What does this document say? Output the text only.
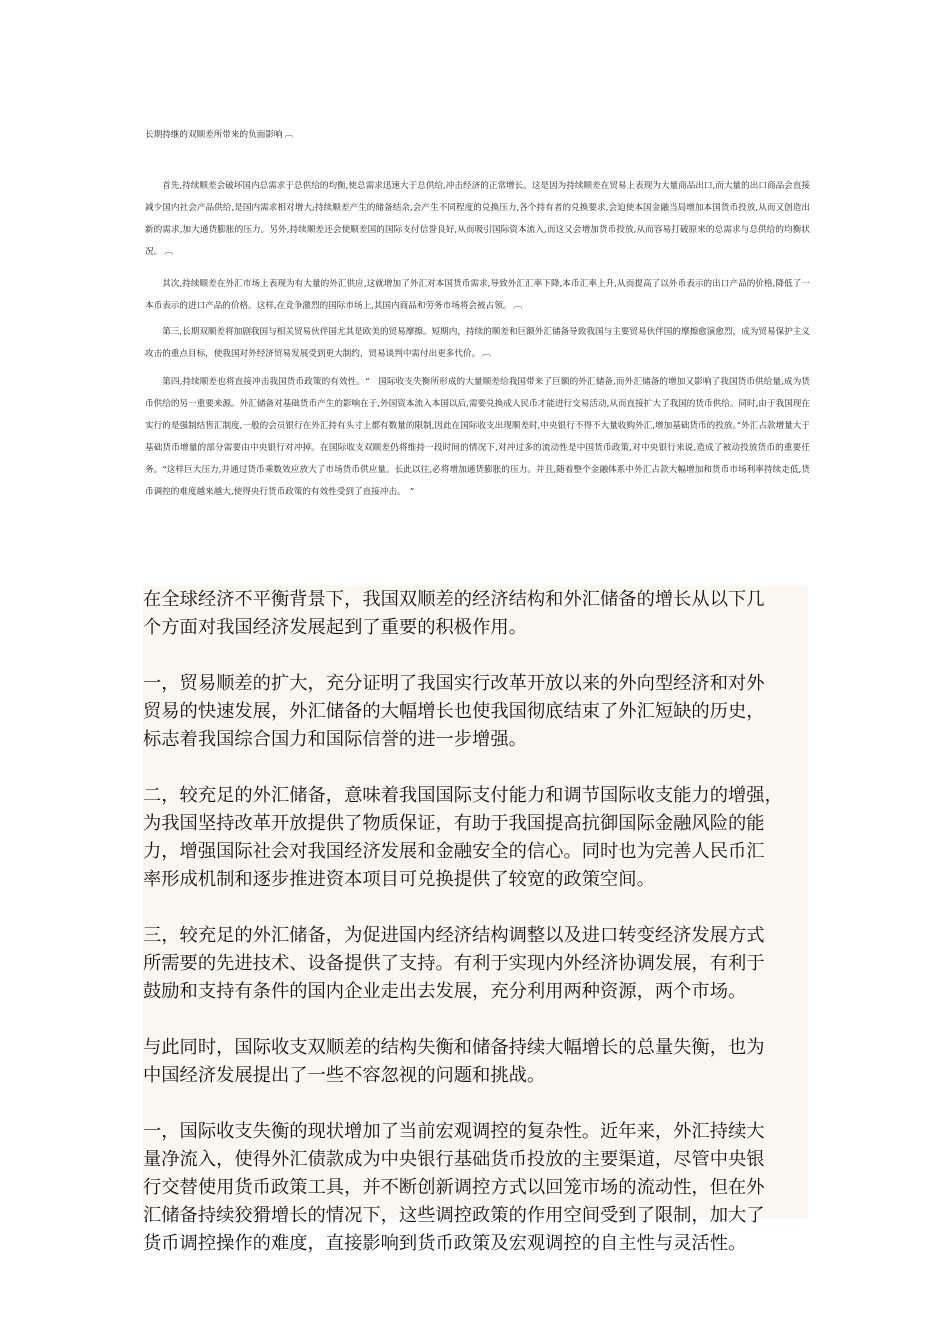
长期持继的双顺差所带来的负面影响 ︹

首先,持续顺差会破坏国内总需求于总供给的均衡,使总需求迅速大于总供给,冲击经济的正常增长。这是因为持续顺差在贸易上表现为大量商品出口,而大量的出口商品会直接减少国内社会产品供给,是国内需求相对增大;持续顺差产生的储备结余,会产生不同程度的兑换压力,各个持有者的兑换要求,会迫使本国金融当局增加本国货币投放,从而又创造出新的需求,加大通货膨胀的压力。另外,持续顺差还会使顺差国的国际支付信誉良好,从而吸引国际资本流入,而这又会增加货币投放,从而容易打破原来的总需求与总供给的均衡状况。 ︹

其次,持续顺差在外汇市场上表现为有大量的外汇供应,这就增加了外汇对本国货币需求,导致外汇汇率下降,本币汇率上升,从而提高了以外币表示的出口产品的价格,降低了一本币表示的进口产品的价格。这样,在竞争激烈的国际市场上,其国内商品和劳务市场将会被占领。 ︹

第三,长期双顺差将加剧我国与相关贸易伙伴国尤其是欧美的贸易摩擦。短期内，持续的顺差和巨额外汇储备导致我国与主要贸易伙伴国的摩擦愈演愈烈，成为贸易保护主义攻击的重点目标，使我国对外经济贸易发展受到更大制约，贸易谈判中需付出更多代价。 ︹

第四,持续顺差也将直接冲击我国货币政策的有效性。“　国际收支失衡所形成的大量顺差给我国带来了巨额的外汇储备,而外汇储备的增加又影响了我国货币供给量,成为货币供给的另一重要来源。外汇储备对基础货币产生的影响在于,外国资本流入本国以后,需要兑换成人民币才能进行交易活动,从而直接扩大了我国的货币供给。同时,由于我国现在实行的是强制结售汇制度,一般的会员银行在外汇持有头寸上都有数量的限制,因此在国际收支出现顺差时,中央银行不得不大量收购外汇,增加基础货币的投放。”外汇占款增量大于基础货币增量的部分需要由中央银行对冲掉。在国际收支双顺差仍将维持一段时间的情况下,对冲过多的流动性是中国货币政策,对中央银行来说,造成了被动投放货币的重要任务。“这样巨大压力,并通过货币乘数效应放大了市场货币供应量。长此以往,必将增加通货膨胀的压力。并且,随着整个金融体系中外汇占款大幅增加和货币市场利率持续走低,货币调控的难度越来越大,使得央行货币政策的有效性受到了直接冲击。　”

在全球经济不平衡背景下，我国双顺差的经济结构和外汇储备的增长从以下几
个方面对我国经济发展起到了重要的积极作用。

一，贸易顺差的扩大，充分证明了我国实行改革开放以来的外向型经济和对外
贸易的快速发展，外汇储备的大幅增长也使我国彻底结束了外汇短缺的历史，
标志着我国综合国力和国际信誉的进一步增强。

二，较充足的外汇储备，意味着我国国际支付能力和调节国际收支能力的增强，
为我国坚持改革开放提供了物质保证，有助于我国提高抗御国际金融风险的能
力，增强国际社会对我国经济发展和金融安全的信心。同时也为完善人民币汇
率形成机制和逐步推进资本项目可兑换提供了较宽的政策空间。

三，较充足的外汇储备，为促进国内经济结构调整以及进口转变经济发展方式
所需要的先进技术、设备提供了支持。有利于实现内外经济协调发展，有利于
鼓励和支持有条件的国内企业走出去发展，充分利用两种资源，两个市场。

与此同时，国际收支双顺差的结构失衡和储备持续大幅增长的总量失衡，也为
中国经济发展提出了一些不容忽视的问题和挑战。

一，国际收支失衡的现状增加了当前宏观调控的复杂性。近年来，外汇持续大
量净流入，使得外汇债款成为中央银行基础货币投放的主要渠道，尽管中央银
行交替使用货币政策工具，并不断创新调控方式以回笼市场的流动性，但在外
汇储备持续狡猾增长的情况下，这些调控政策的作用空间受到了限制，加大了
货币调控操作的难度，直接影响到货币政策及宏观调控的自主性与灵活性。
